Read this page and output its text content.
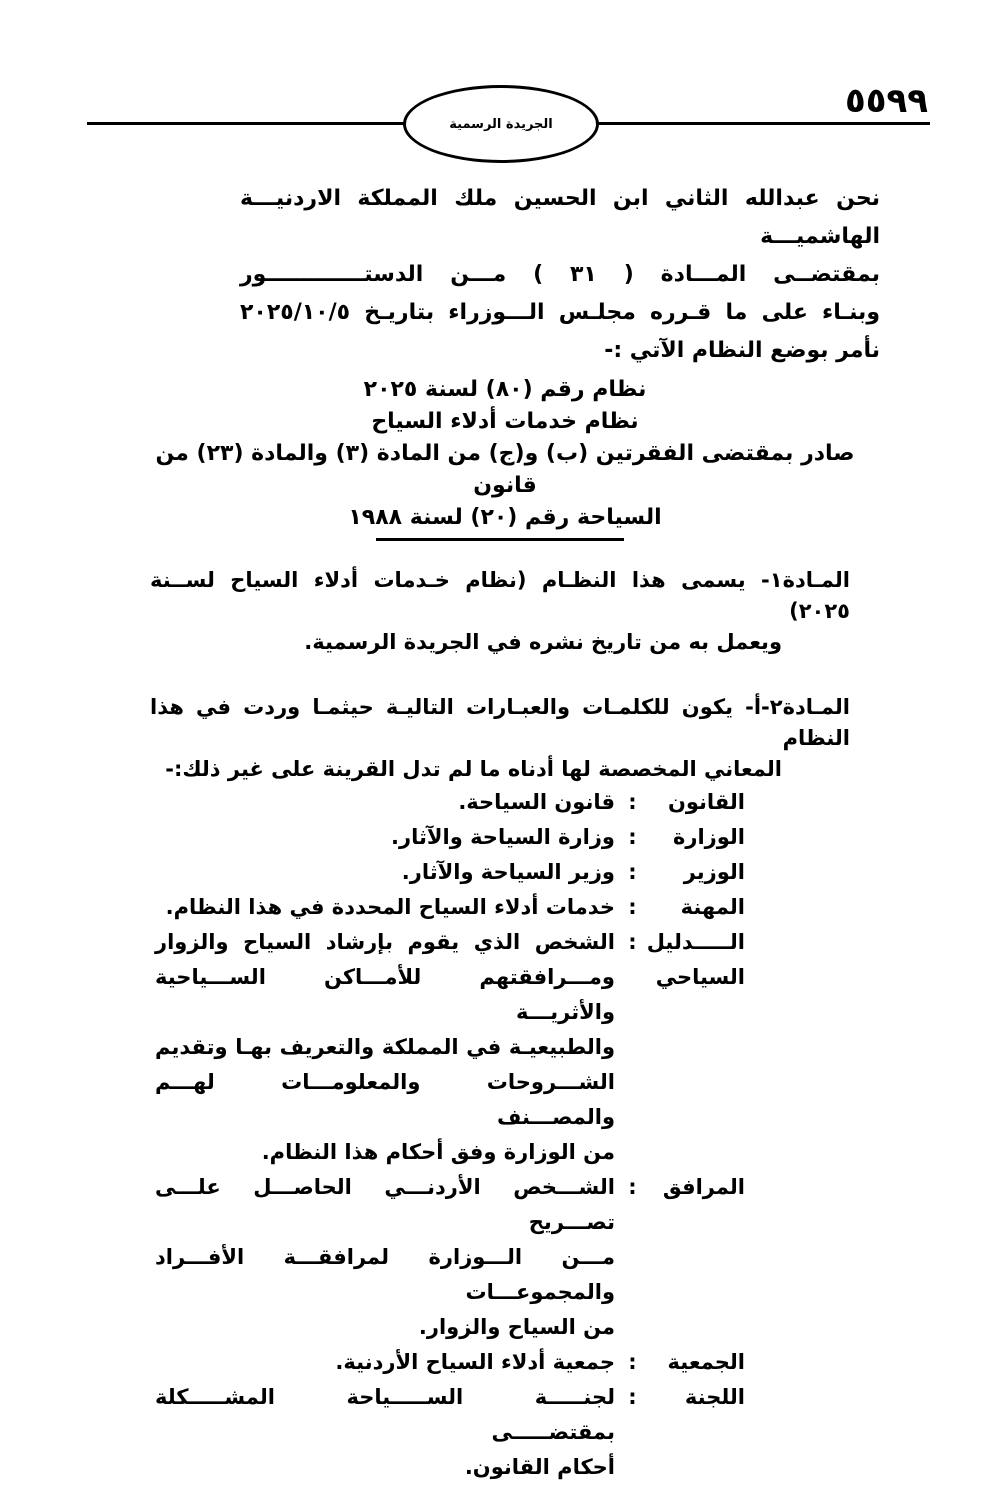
٥٥٩٩
الجريدة الرسمية
نحن عبدالله الثاني ابن الحسين ملك المملكة الاردنيـــة الهاشميـــة
بمقتضــى المـــادة ( ٣١ ) مـــن الدستـــــــــــــور
وبنـاء على ما قـرره مجلـس الـــوزراء بتاريـخ ٢٠٢٥/١٠/٥
نأمر بوضع النظام الآتي :-
نظام رقم (٨٠) لسنة ٢٠٢٥
نظام خدمات أدلاء السياح
صادر بمقتضى الفقرتين (ب) و(ج) من المادة (٣) والمادة (٢٣) من قانون
السياحة رقم (٢٠) لسنة ١٩٨٨
المـادة١- يسمى هذا النظـام (نظام خـدمات أدلاء السياح لســنة ٢٠٢٥)
ويعمل به من تاريخ نشره في الجريدة الرسمية.
المـادة٢-أ- يكون للكلمـات والعبـارات التاليـة حيثمـا وردت في هذا النظام
المعاني المخصصة لها أدناه ما لم تدل القرينة على غير ذلك:-
القانون
:
قانون السياحة.
الوزارة
:
وزارة السياحة والآثار.
الوزير
:
وزير السياحة والآثار.
المهنة
:
خدمات أدلاء السياح المحددة في هذا النظام.
الـــــدليل السياحي
:
الشخص الذي يقوم بإرشاد السياح والزوار
ومـــرافقتهم للأمـــاكن الســـياحية والأثريـــة
والطبيعيـة في المملكة والتعريف بهـا وتقديم
الشـــروحات والمعلومـــات لهـــم والمصـــنف
من الوزارة وفق أحكام هذا النظام.
المرافق
:
الشـــخص الأردنـــي الحاصـــل علـــى تصـــريح
مـــن الـــوزارة لمرافقـــة الأفـــراد والمجموعـــات
من السياح والزوار.
الجمعية
:
جمعية أدلاء السياح الأردنية.
اللجنة
:
لجنـــــة الســـــياحة المشـــــكلة بمقتضـــــى
أحكام القانون.
